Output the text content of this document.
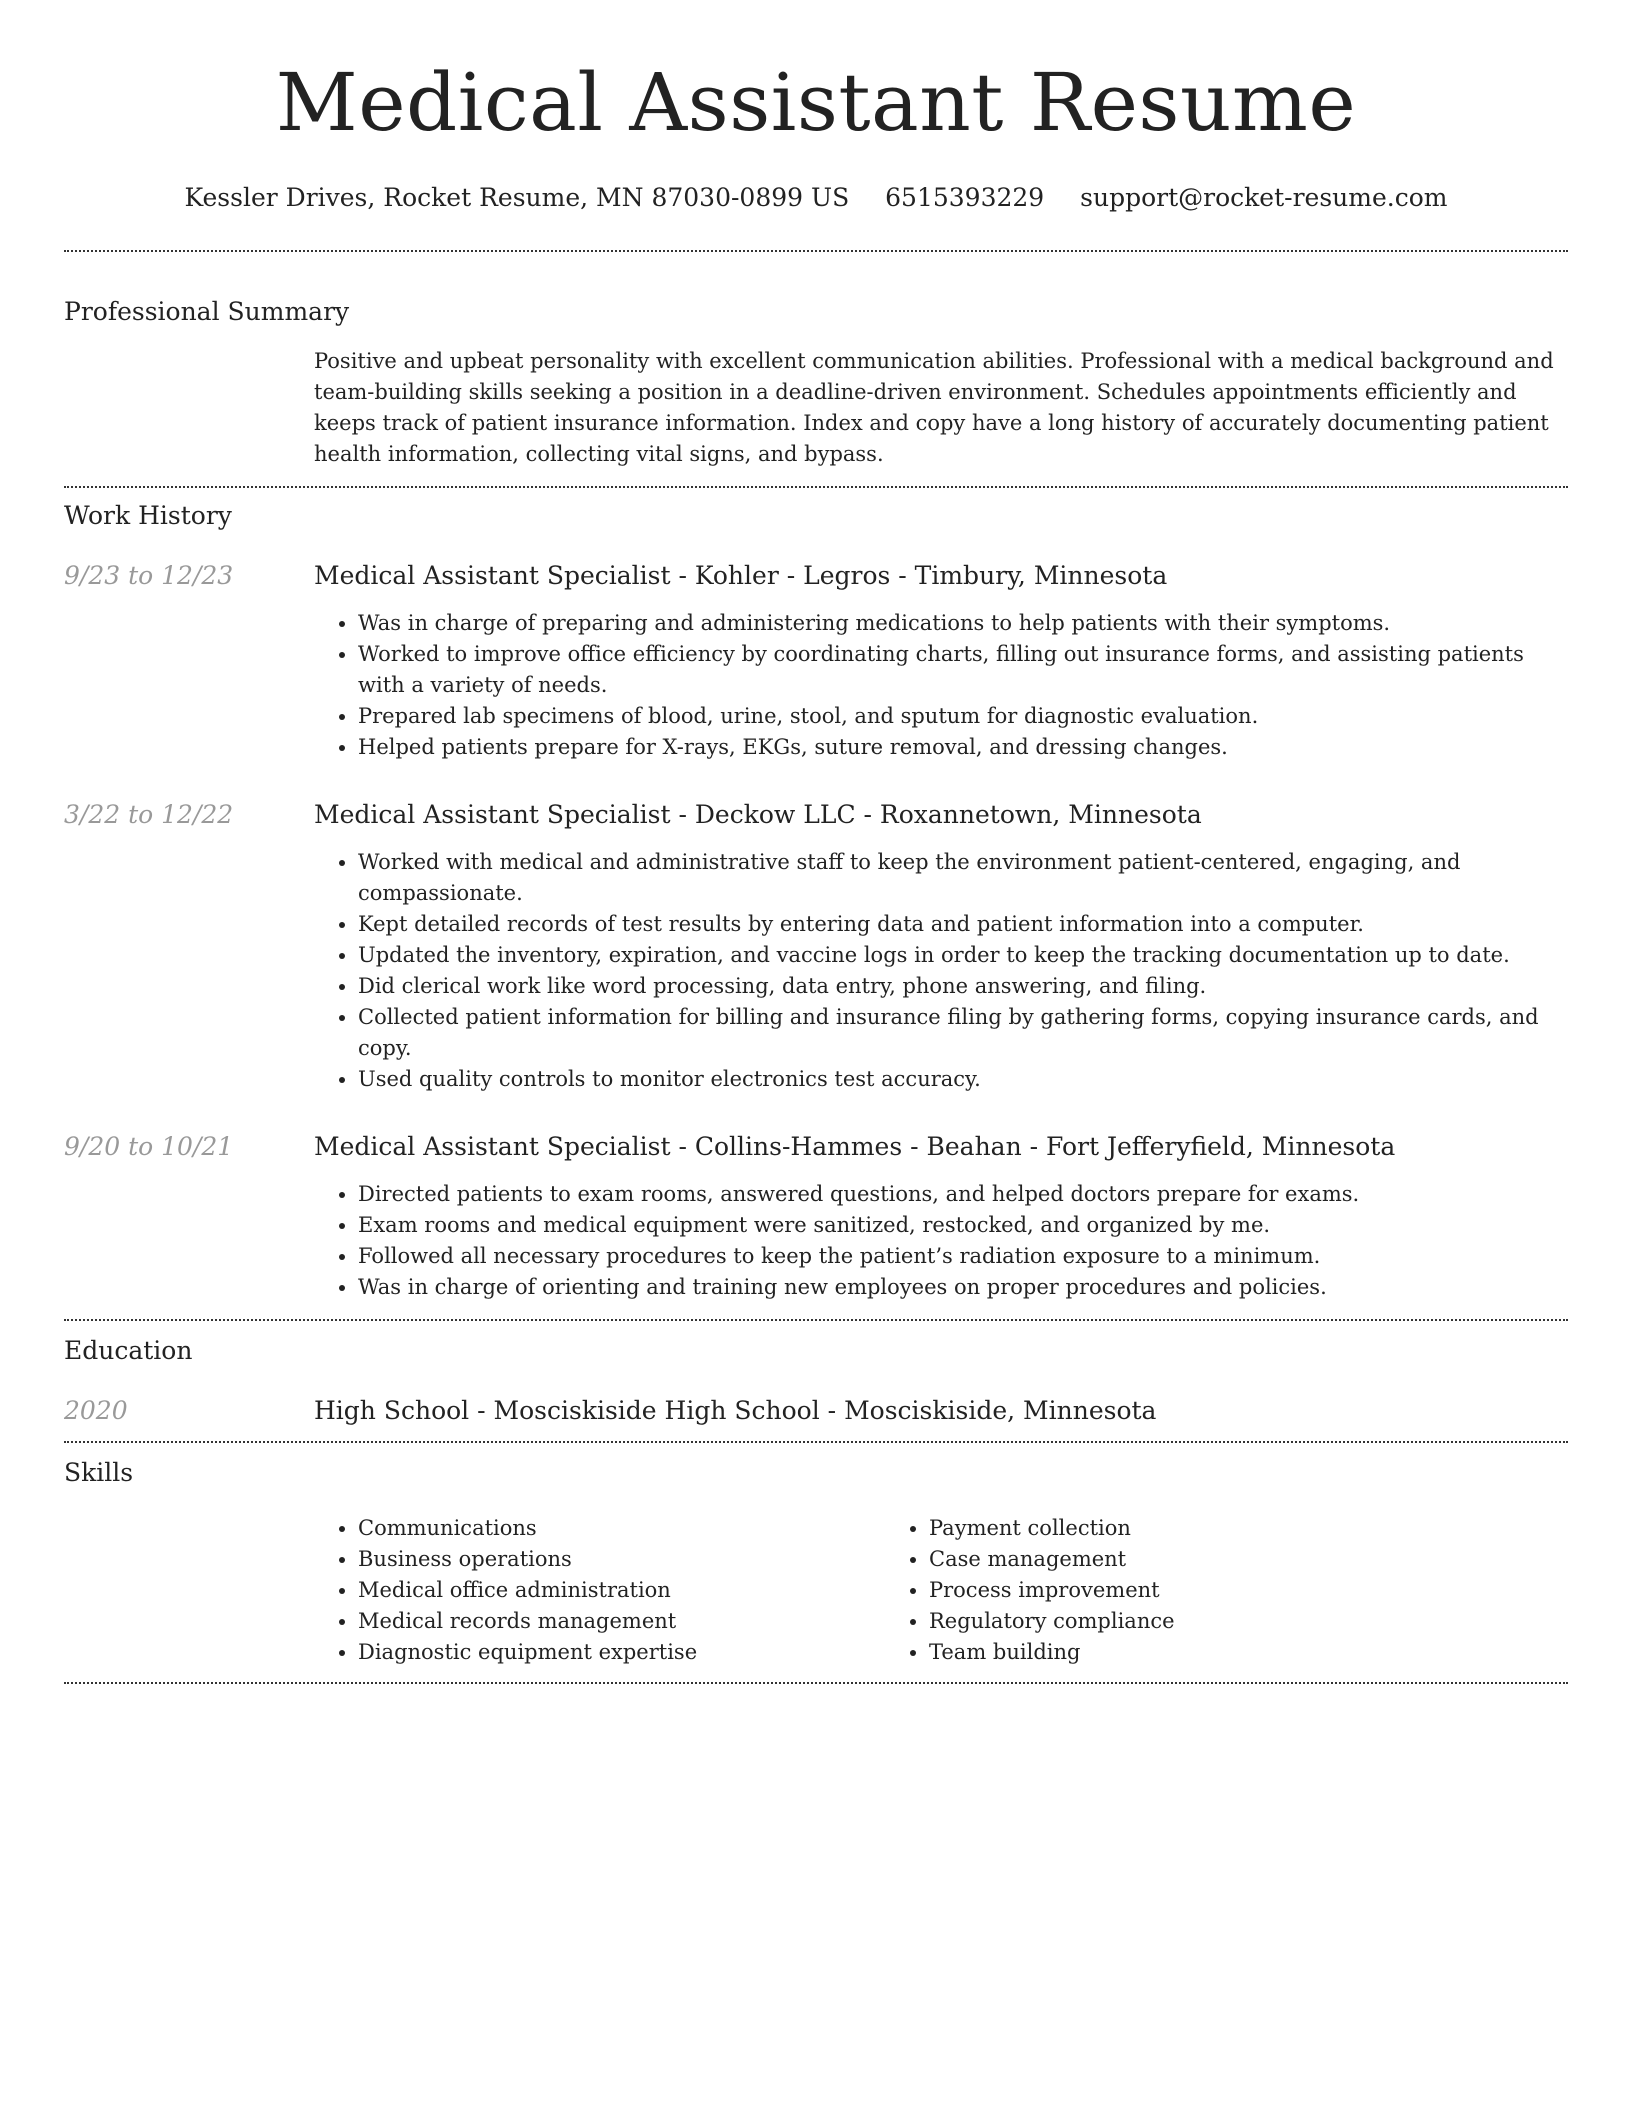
Medical Assistant Resume
Kessler Drives, Rocket Resume, MN 87030-0899 US 6515393229 support@rocket-resume.com
Professional Summary
Positive and upbeat personality with excellent communication abilities. Professional with a medical background and team-building skills seeking a position in a deadline-driven environment. Schedules appointments efficiently and keeps track of patient insurance information. Index and copy have a long history of accurately documenting patient health information, collecting vital signs, and bypass.
Work History
9/23 to 12/23	Medical Assistant Specialist - Kohler - Legros - Timbury, Minnesota
• Was in charge of preparing and administering medications to help patients with their symptoms.
• Worked to improve office efficiency by coordinating charts, filling out insurance forms, and assisting patients with a variety of needs.
• Prepared lab specimens of blood, urine, stool, and sputum for diagnostic evaluation.
• Helped patients prepare for X-rays, EKGs, suture removal, and dressing changes.
3/22 to 12/22	Medical Assistant Specialist - Deckow LLC - Roxannetown, Minnesota
• Worked with medical and administrative staff to keep the environment patient-centered, engaging, and compassionate.
• Kept detailed records of test results by entering data and patient information into a computer.
• Updated the inventory, expiration, and vaccine logs in order to keep the tracking documentation up to date.
• Did clerical work like word processing, data entry, phone answering, and filing.
• Collected patient information for billing and insurance filing by gathering forms, copying insurance cards, and copy.
• Used quality controls to monitor electronics test accuracy.
9/20 to 10/21	Medical Assistant Specialist - Collins-Hammes - Beahan - Fort Jefferyfield, Minnesota
• Directed patients to exam rooms, answered questions, and helped doctors prepare for exams.
• Exam rooms and medical equipment were sanitized, restocked, and organized by me.
• Followed all necessary procedures to keep the patient’s radiation exposure to a minimum.
• Was in charge of orienting and training new employees on proper procedures and policies.
Education
2020	High School - Mosciskiside High School - Mosciskiside, Minnesota
Skills
• Communications
• Business operations
• Medical office administration
• Medical records management
• Diagnostic equipment expertise
• Payment collection
• Case management
• Process improvement
• Regulatory compliance
• Team building
